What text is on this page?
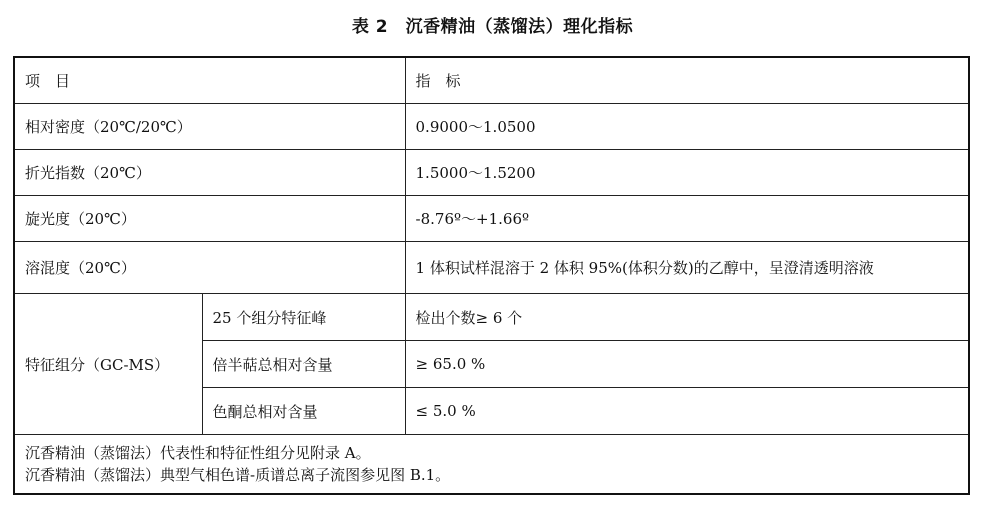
表 2　沉香精油（蒸馏法）理化指标
项　目		指　标
相对密度（20℃/20℃）		0.9000～1.0500
折光指数（20℃）		1.5000～1.5200
旋光度（20℃）		-8.76º～+1.66º
溶混度（20℃）		1 体积试样混溶于 2 体积 95%(体积分数)的乙醇中，呈澄清透明溶液
特征组分（GC-MS）	25 个组分特征峰	检出个数≥ 6 个
	倍半萜总相对含量	≥ 65.0 %
	色酮总相对含量	≤ 5.0 %

沉香精油（蒸馏法）代表性和特征性组分见附录 A。
沉香精油（蒸馏法）典型气相色谱-质谱总离子流图参见图 B.1。		
